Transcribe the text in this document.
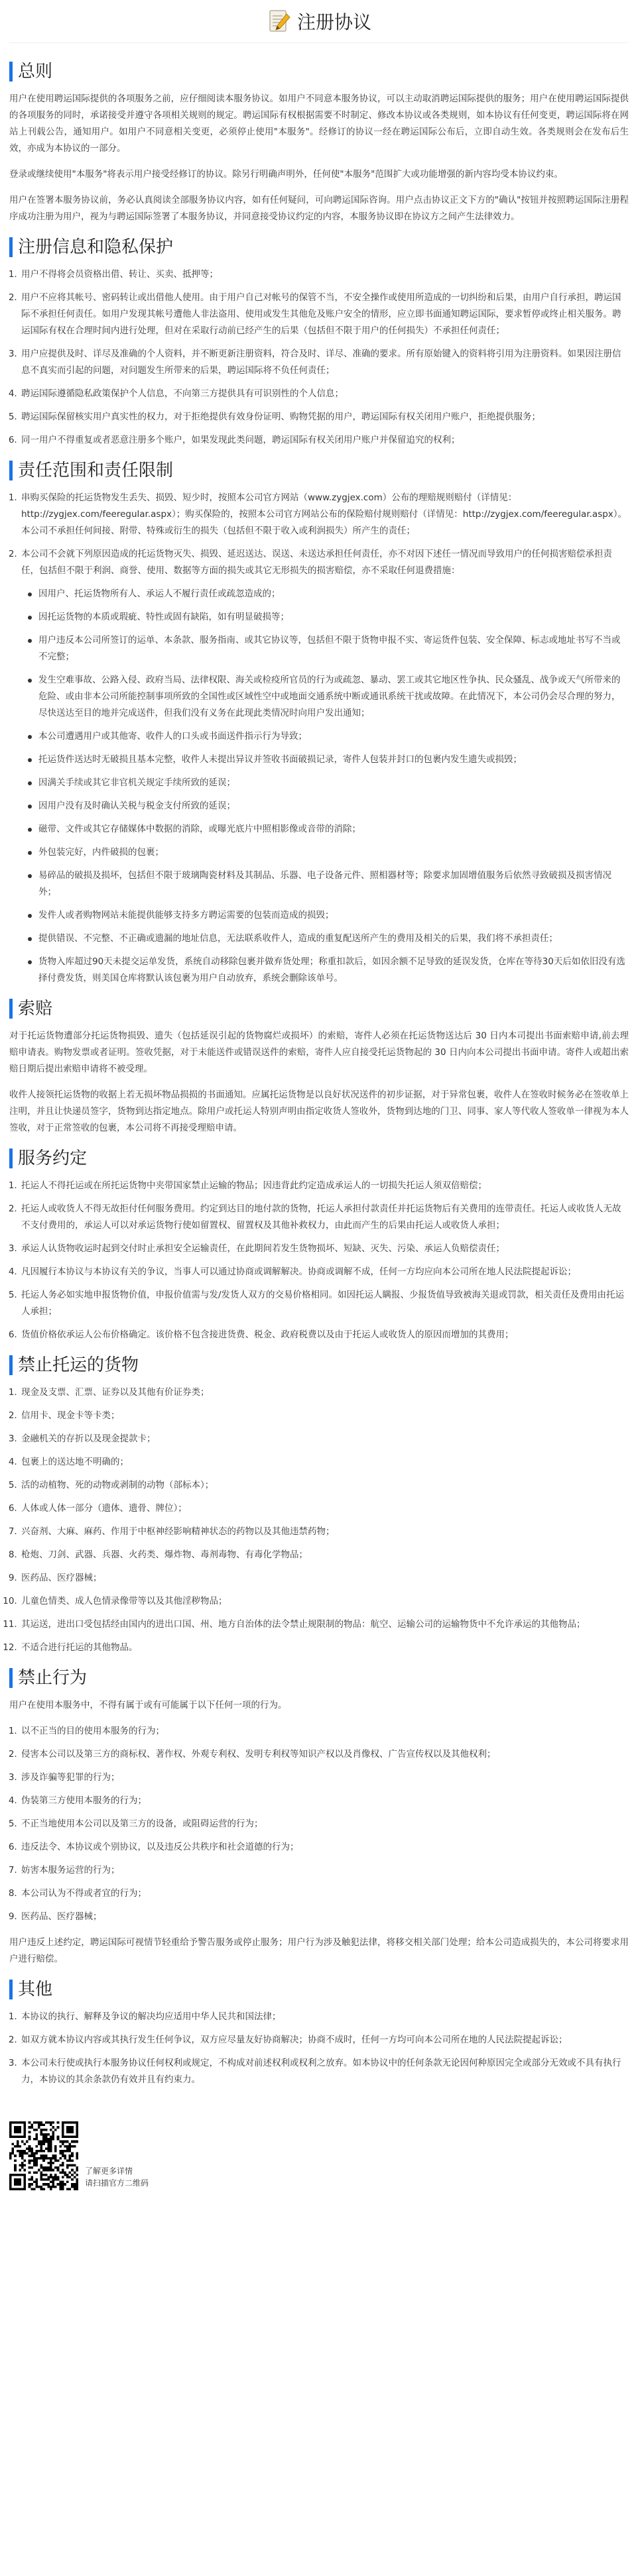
注册协议
总则

用户在使用聘运国际提供的各项服务之前，应仔细阅读本服务协议。如用户不同意本服务协议，可以主动取消聘运国际提供的服务；用户在使用聘运国际提供的各项服务的同时，承诺接受并遵守各项相关规则的规定。聘运国际有权根据需要不时制定、修改本协议或各类规则，如本协议有任何变更，聘运国际将在网站上刊载公告，通知用户。如用户不同意相关变更，必须停止使用"本服务"。经修订的协议一经在聘运国际公布后，立即自动生效。各类规则会在发布后生效，亦成为本协议的一部分。

登录或继续使用"本服务"将表示用户接受经修订的协议。除另行明确声明外，任何使"本服务"范围扩大或功能增强的新内容均受本协议约束。

用户在签署本服务协议前，务必认真阅读全部服务协议内容，如有任何疑问，可向聘运国际咨询。用户点击协议正文下方的"确认"按钮并按照聘运国际注册程序成功注册为用户，视为与聘运国际签署了本服务协议，并同意接受协议约定的内容，本服务协议即在协议方之间产生法律效力。

注册信息和隐私保护
1. 用户不得将会员资格出借、转让、买卖、抵押等；
2. 用户不应将其帐号、密码转让或出借他人使用。由于用户自己对帐号的保管不当，不安全操作或使用所造成的一切纠纷和后果，由用户自行承担，聘运国际不承担任何责任。如用户发现其帐号遭他人非法盗用、使用或发生其他危及账户安全的情形，应立即书面通知聘运国际，要求暂停或终止相关服务。聘运国际有权在合理时间内进行处理，但对在采取行动前已经产生的后果（包括但不限于用户的任何损失）不承担任何责任；
3. 用户应提供及时、详尽及准确的个人资料，并不断更新注册资料，符合及时、详尽、准确的要求。所有原始键入的资料将引用为注册资料。如果因注册信息不真实而引起的问题，对问题发生所带来的后果，聘运国际将不负任何责任；
4. 聘运国际遵循隐私政策保护个人信息，不向第三方提供具有可识别性的个人信息；
5. 聘运国际保留核实用户真实性的权力，对于拒绝提供有效身份证明、购物凭据的用户，聘运国际有权关闭用户账户，拒绝提供服务；
6. 同一用户不得重复或者恶意注册多个账户，如果发现此类问题，聘运国际有权关闭用户账户并保留追究的权利；
责任范围和责任限制
1. 串购买保险的托运货物发生丢失、损毁、短少时，按照本公司官方网站（www.zygjex.com）公布的理赔规则赔付（详情见：http://zygjex.com/feeregular.aspx）；购买保险的，按照本公司官方网站公布的保险赔付规则赔付（详情见：http://zygjex.com/feeregular.aspx）。本公司不承担任何间接、附带、特殊或衍生的损失（包括但不限于收入或利润损失）所产生的责任；
2. 本公司不会就下列原因造成的托运货物灭失、损毁、延迟送达、误送、未送达承担任何责任，亦不对因下述任一情况而导致用户的任何损害赔偿承担责任，包括但不限于利润、商誉、使用、数据等方面的损失或其它无形损失的损害赔偿，亦不采取任何退费措施：
因用户、托运货物所有人、承运人不履行责任或疏忽造成的；
因托运货物的本质或瑕疵、特性或固有缺陷，如有明显破损等；
用户违反本公司所签订的运单、本条款、服务指南、或其它协议等，包括但不限于货物申报不实、寄运货件包装、安全保障、标志或地址书写不当或不完整；
发生空难事故、公路入侵、政府当局、法律权限、海关或检疫所官员的行为或疏忽、暴动、罢工或其它地区性争执、民众骚乱、战争或天气所带来的危险、或由非本公司所能控制事项所致的全国性或区域性空中或地面交通系统中断或通讯系统干扰或故障。在此情况下，本公司仍会尽合理的努力，尽快送达至目的地并完成送件，但我们没有义务在此现此类情况时向用户发出通知；
本公司遭遇用户或其他寄、收件人的口头或书面送件指示行为导致；
托运货件送达时无破损且基本完整，收件人未提出异议并签收书面破损记录，寄件人包装并封口的包裹内发生遗失或损毁；
因满关手续或其它非官机关规定手续所致的延误；
因用户没有及时确认关税与税金支付所致的延误；
磁带、文件或其它存储媒体中数据的消除，或曝光底片中照相影像或音带的消除；
外包装完好，内件破损的包裹；
易碎品的破损及损坏，包括但不限于玻璃陶瓷材料及其制品、乐器、电子设备元件、照相器材等；除要求加固增值服务后依然寻致破损及损害情况外；
发件人或者购物网站未能提供能够支持多方聘运需要的包装而造成的损毁；
提供错误、不完整、不正确或遗漏的地址信息，无法联系收件人，造成的重复配送所产生的费用及相关的后果，我们将不承担责任；
货物入库超过90天未提交运单发货，系统自动移除包裹并做弃货处理；称重扣款后，如因余额不足导致的延误发货，仓库在等待30天后如依旧没有选择付费发货，则美国仓库将默认该包裹为用户自动放弃，系统会删除该单号。
索赔

对于托运货物遭部分托运货物损毁、遗失（包括延误引起的货物腐烂或损坏）的索赔，寄件人必须在托运货物送达后 30 日内本司提出书面索赔申请,前去理赔申请表。购物发票或者证明。签收凭据，对于未能送件或错误送件的索赔，寄件人应自接受托运货物起的 30 日内向本公司提出书面申请。寄件人或超出索赔日期后提出索赔申请将不被受理。

收件人接领托运货物的收据上若无损坏物品损损的书面通知。应属托运货物是以良好状况送件的初步证据，对于异常包裹，收件人在签收时候务必在签收单上注明，并且让快递员签字，货物到达指定地点。除用户或托运人特别声明由指定收货人签收外，货物到达地的门卫、同事、家人等代收人签收单一律视为本人签收，对于正常签收的包裹，本公司将不再接受理赔申请。

服务约定
1. 托运人不得托运或在所托运货物中夹带国家禁止运输的物品；因违背此约定造成承运人的一切损失托运人须双倍赔偿；
2. 托运人或收货人不得无故拒付任何服务费用。约定到达目的地付款的货物，托运人承担付款责任并托运货物后有关费用的连带责任。托运人或收货人无故不支付费用的，承运人可以对承运货物行使如留置权、留置权及其他补救权力，由此而产生的后果由托运人或收货人承担；
3. 承运人认货物收运时起到交付时止承担安全运输责任，在此期间若发生货物损坏、短缺、灭失、污染、承运人负赔偿责任；
4. 凡因履行本协议与本协议有关的争议，当事人可以通过协商或调解解决。协商或调解不成，任何一方均应向本公司所在地人民法院提起诉讼；
5. 托运人务必如实地申报货物价值，申报价值需与发/发货人双方的交易价格相同。如因托运人瞒报、少报货值导致被海关退或罚款，相关责任及费用由托运人承担；
6. 货值价格依承运人公布价格确定。该价格不包含接进货费、税金、政府税费以及由于托运人或收货人的原因而增加的其费用；
禁止托运的货物
1. 现金及支票、汇票、证券以及其他有价证券类；
2. 信用卡、现金卡等卡类；
3. 金融机关的存折以及现金提款卡；
4. 包裹上的送达地不明确的；
5. 活的动植物、死的动物或剥制的动物（部标本）；
6. 人体或人体一部分（遗体、遗骨、牌位）；
7. 兴奋剂、大麻、麻药、作用于中枢神经影响精神状态的药物以及其他违禁药物；
8. 枪炮、刀剑、武器、兵器、火药类、爆炸物、毒剂毒物、有毒化学物品；
9. 医药品、医疗器械；
10. 儿童色情类、成人色情录像带等以及其他淫秽物品；
11. 其运送，进出口受包括经由国内的进出口国、州、地方自治体的法令禁止规限制的物品：航空、运输公司的运输物货中不允许承运的其他物品；
12. 不适合进行托运的其他物品。
禁止行为

用户在使用本服务中，不得有属于或有可能属于以下任何一项的行为。

1. 以不正当的目的使用本服务的行为；
2. 侵害本公司以及第三方的商标权、著作权、外观专利权、发明专利权等知识产权以及肖像权、广告宣传权以及其他权利；
3. 涉及诈骗等犯罪的行为；
4. 伪装第三方使用本服务的行为；
5. 不正当地使用本公司以及第三方的设备，或阻碍运营的行为；
6. 违反法令、本协议或个别协议，以及违反公共秩序和社会道德的行为；
7. 妨害本服务运营的行为；
8. 本公司认为不得或者宜的行为；
9. 医药品、医疗器械；

用户违反上述约定，聘运国际可视情节轻重给予警告服务或停止服务；用户行为涉及触犯法律，将移交相关部门处理；给本公司造成损失的，本公司将要求用户进行赔偿。

其他
1. 本协议的执行、解释及争议的解决均应适用中华人民共和国法律；
2. 如双方就本协议内容或其执行发生任何争议，双方应尽量友好协商解决；协商不成时，任何一方均可向本公司所在地的人民法院提起诉讼；
3. 本公司未行使或执行本服务协议任何权利或规定，不构成对前述权利或权利之放弃。如本协议中的任何条款无论因何种原因完全或部分无效或不具有执行力，本协议的其余条款仍有效并且有约束力。
了解更多详情
请扫描官方二维码
